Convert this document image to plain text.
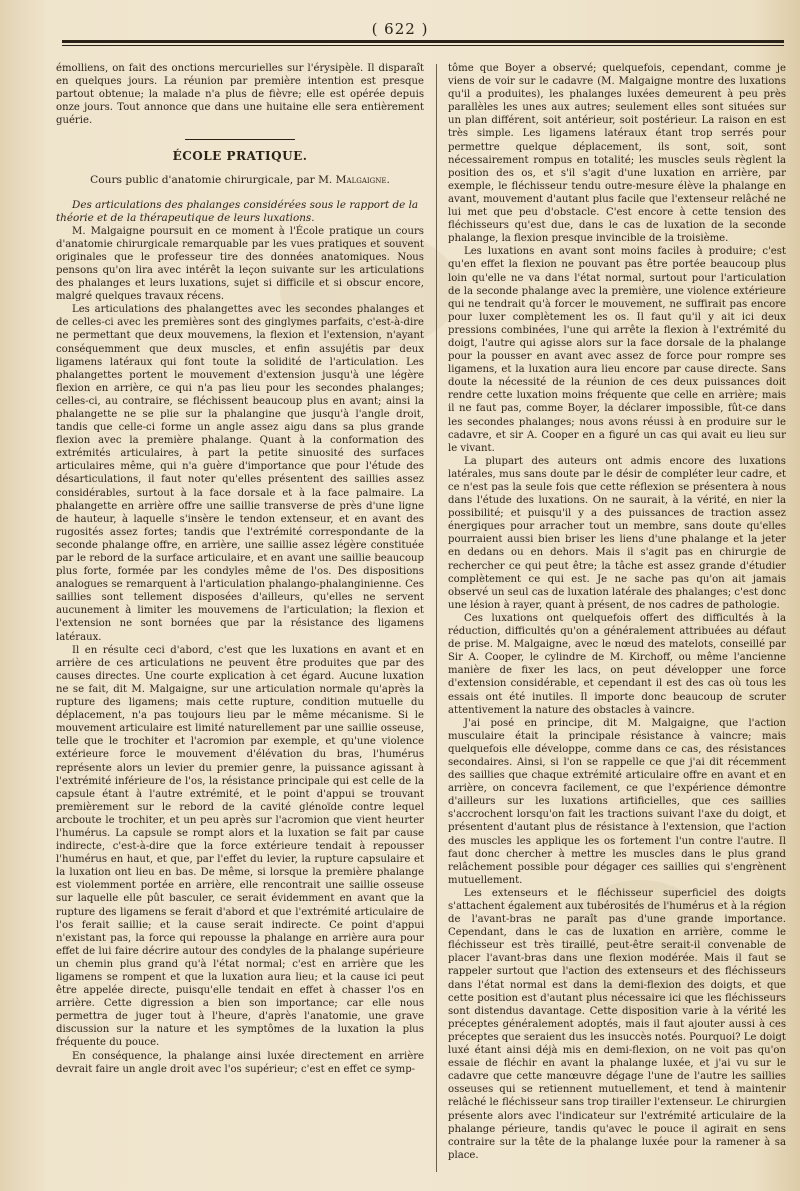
( 622 )

émolliens, on fait des onctions mercurielles sur l'érysipèle. Il disparaît en quelques jours. La réunion par première intention est presque partout obtenue; la malade n'a plus de fièvre; elle est opérée depuis onze jours. Tout annonce que dans une huitaine elle sera entièrement guérie.

ÉCOLE PRATIQUE.
Cours public d'anatomie chirurgicale, par M. Malgaigne.

Des articulations des phalanges considérées sous le rapport de la théorie et de la thérapeutique de leurs luxations.

M. Malgaigne poursuit en ce moment à l'École pratique un cours d'anatomie chirurgicale remarquable par les vues pratiques et souvent originales que le professeur tire des données anatomiques. Nous pensons qu'on lira avec intérêt la leçon suivante sur les articulations des phalanges et leurs luxations, sujet si difficile et si obscur encore, malgré quelques travaux récens.

Les articulations des phalangettes avec les secondes phalanges et de celles-ci avec les premières sont des ginglymes parfaits, c'est-à-dire ne permettant que deux mouvemens, la flexion et l'extension, n'ayant conséquemment que deux muscles, et enfin assujétis par deux ligamens latéraux qui font toute la solidité de l'articulation. Les phalangettes portent le mouvement d'extension jusqu'à une légère flexion en arrière, ce qui n'a pas lieu pour les secondes phalanges; celles-ci, au contraire, se fléchissent beaucoup plus en avant; ainsi la phalangette ne se plie sur la phalangine que jusqu'à l'angle droit, tandis que celle-ci forme un angle assez aigu dans sa plus grande flexion avec la première phalange. Quant à la conformation des extrémités articulaires, à part la petite sinuosité des surfaces articulaires même, qui n'a guère d'importance que pour l'étude des désarticulations, il faut noter qu'elles présentent des saillies assez considérables, surtout à la face dorsale et à la face palmaire. La phalangette en arrière offre une saillie transverse de près d'une ligne de hauteur, à laquelle s'insère le tendon extenseur, et en avant des rugosités assez fortes; tandis que l'extrémité correspondante de la seconde phalange offre, en arrière, une saillie assez légère constituée par le rebord de la surface articulaire, et en avant une saillie beaucoup plus forte, formée par les condyles même de l'os. Des dispositions analogues se remarquent à l'articulation phalango-phalanginienne. Ces saillies sont tellement disposées d'ailleurs, qu'elles ne servent aucunement à limiter les mouvemens de l'articulation; la flexion et l'extension ne sont bornées que par la résistance des ligamens latéraux.

Il en résulte ceci d'abord, c'est que les luxations en avant et en arrière de ces articulations ne peuvent être produites que par des causes directes. Une courte explication à cet égard. Aucune luxation ne se fait, dit M. Malgaigne, sur une articulation normale qu'après la rupture des ligamens; mais cette rupture, condition mutuelle du déplacement, n'a pas toujours lieu par le même mécanisme. Si le mouvement articulaire est limité naturellement par une saillie osseuse, telle que le trochiter et l'acromion par exemple, et qu'une violence extérieure force le mouvement d'élévation du bras, l'humérus représente alors un levier du premier genre, la puissance agissant à l'extrémité inférieure de l'os, la résistance principale qui est celle de la capsule étant à l'autre extrémité, et le point d'appui se trouvant premièrement sur le rebord de la cavité glénoïde contre lequel arcboute le trochiter, et un peu après sur l'acromion que vient heurter l'humérus. La capsule se rompt alors et la luxation se fait par cause indirecte, c'est-à-dire que la force extérieure tendait à repousser l'humérus en haut, et que, par l'effet du levier, la rupture capsulaire et la luxation ont lieu en bas. De même, si lorsque la première phalange est violemment portée en arrière, elle rencontrait une saillie osseuse sur laquelle elle pût basculer, ce serait évidemment en avant que la rupture des ligamens se ferait d'abord et que l'extrémité articulaire de l'os ferait saillie; et la cause serait indirecte. Ce point d'appui n'existant pas, la force qui repousse la phalange en arrière aura pour effet de lui faire décrire autour des condyles de la phalange supérieure un chemin plus grand qu'à l'état normal; c'est en arrière que les ligamens se rompent et que la luxation aura lieu; et la cause ici peut être appelée directe, puisqu'elle tendait en effet à chasser l'os en arrière. Cette digression a bien son importance; car elle nous permettra de juger tout à l'heure, d'après l'anatomie, une grave discussion sur la nature et les symptômes de la luxation la plus fréquente du pouce.

En conséquence, la phalange ainsi luxée directement en arrière devrait faire un angle droit avec l'os supérieur; c'est en effet ce symp-

tôme que Boyer a observé; quelquefois, cependant, comme je viens de voir sur le cadavre (M. Malgaigne montre des luxations qu'il a produites), les phalanges luxées demeurent à peu près parallèles les unes aux autres; seulement elles sont situées sur un plan différent, soit antérieur, soit postérieur. La raison en est très simple. Les ligamens latéraux étant trop serrés pour permettre quelque déplacement, ils sont, soit, sont nécessairement rompus en totalité; les muscles seuls règlent la position des os, et s'il s'agit d'une luxation en arrière, par exemple, le fléchisseur tendu outre-mesure élève la phalange en avant, mouvement d'autant plus facile que l'extenseur relâché ne lui met que peu d'obstacle. C'est encore à cette tension des fléchisseurs qu'est due, dans le cas de luxation de la seconde phalange, la flexion presque invincible de la troisième.

Les luxations en avant sont moins faciles à produire; c'est qu'en effet la flexion ne pouvant pas être portée beaucoup plus loin qu'elle ne va dans l'état normal, surtout pour l'articulation de la seconde phalange avec la première, une violence extérieure qui ne tendrait qu'à forcer le mouvement, ne suffirait pas encore pour luxer complètement les os. Il faut qu'il y ait ici deux pressions combinées, l'une qui arrête la flexion à l'extrémité du doigt, l'autre qui agisse alors sur la face dorsale de la phalange pour la pousser en avant avec assez de force pour rompre ses ligamens, et la luxation aura lieu encore par cause directe. Sans doute la nécessité de la réunion de ces deux puissances doit rendre cette luxation moins fréquente que celle en arrière; mais il ne faut pas, comme Boyer, la déclarer impossible, fût-ce dans les secondes phalanges; nous avons réussi à en produire sur le cadavre, et sir A. Cooper en a figuré un cas qui avait eu lieu sur le vivant.

La plupart des auteurs ont admis encore des luxations latérales, mus sans doute par le désir de compléter leur cadre, et ce n'est pas la seule fois que cette réflexion se présentera à nous dans l'étude des luxations. On ne saurait, à la vérité, en nier la possibilité; et puisqu'il y a des puissances de traction assez énergiques pour arracher tout un membre, sans doute qu'elles pourraient aussi bien briser les liens d'une phalange et la jeter en dedans ou en dehors. Mais il s'agit pas en chirurgie de rechercher ce qui peut être; la tâche est assez grande d'étudier complètement ce qui est. Je ne sache pas qu'on ait jamais observé un seul cas de luxation latérale des phalanges; c'est donc une lésion à rayer, quant à présent, de nos cadres de pathologie.

Ces luxations ont quelquefois offert des difficultés à la réduction, difficultés qu'on a généralement attribuées au défaut de prise. M. Malgaigne, avec le nœud des matelots, conseillé par Sir A. Cooper, le cylindre de M. Kirchoff, ou même l'ancienne manière de fixer les lacs, on peut développer une force d'extension considérable, et cependant il est des cas où tous les essais ont été inutiles. Il importe donc beaucoup de scruter attentivement la nature des obstacles à vaincre.

J'ai posé en principe, dit M. Malgaigne, que l'action musculaire était la principale résistance à vaincre; mais quelquefois elle développe, comme dans ce cas, des résistances secondaires. Ainsi, si l'on se rappelle ce que j'ai dit récemment des saillies que chaque extrémité articulaire offre en avant et en arrière, on concevra facilement, ce que l'expérience démontre d'ailleurs sur les luxations artificielles, que ces saillies s'accrochent lorsqu'on fait les tractions suivant l'axe du doigt, et présentent d'autant plus de résistance à l'extension, que l'action des muscles les applique les os fortement l'un contre l'autre. Il faut donc chercher à mettre les muscles dans le plus grand relâchement possible pour dégager ces saillies qui s'engrènent mutuellement.

Les extenseurs et le fléchisseur superficiel des doigts s'attachent également aux tubérosités de l'humérus et à la région de l'avant-bras ne paraît pas d'une grande importance. Cependant, dans le cas de luxation en arrière, comme le fléchisseur est très tiraillé, peut-être serait-il convenable de placer l'avant-bras dans une flexion modérée. Mais il faut se rappeler surtout que l'action des extenseurs et des fléchisseurs dans l'état normal est dans la demi-flexion des doigts, et que cette position est d'autant plus nécessaire ici que les fléchisseurs sont distendus davantage. Cette disposition varie à la vérité les préceptes généralement adoptés, mais il faut ajouter aussi à ces préceptes que seraient dus les insuccès notés. Pourquoi? Le doigt luxé étant ainsi déjà mis en demi-flexion, on ne voit pas qu'on essaie de fléchir en avant la phalange luxée, et j'ai vu sur le cadavre que cette manœuvre dégage l'une de l'autre les saillies osseuses qui se retiennent mutuellement, et tend à maintenir relâché le fléchisseur sans trop tirailler l'extenseur. Le chirurgien présente alors avec l'indicateur sur l'extrémité articulaire de la phalange périeure, tandis qu'avec le pouce il agirait en sens contraire sur la tête de la phalange luxée pour la ramener à sa place.
